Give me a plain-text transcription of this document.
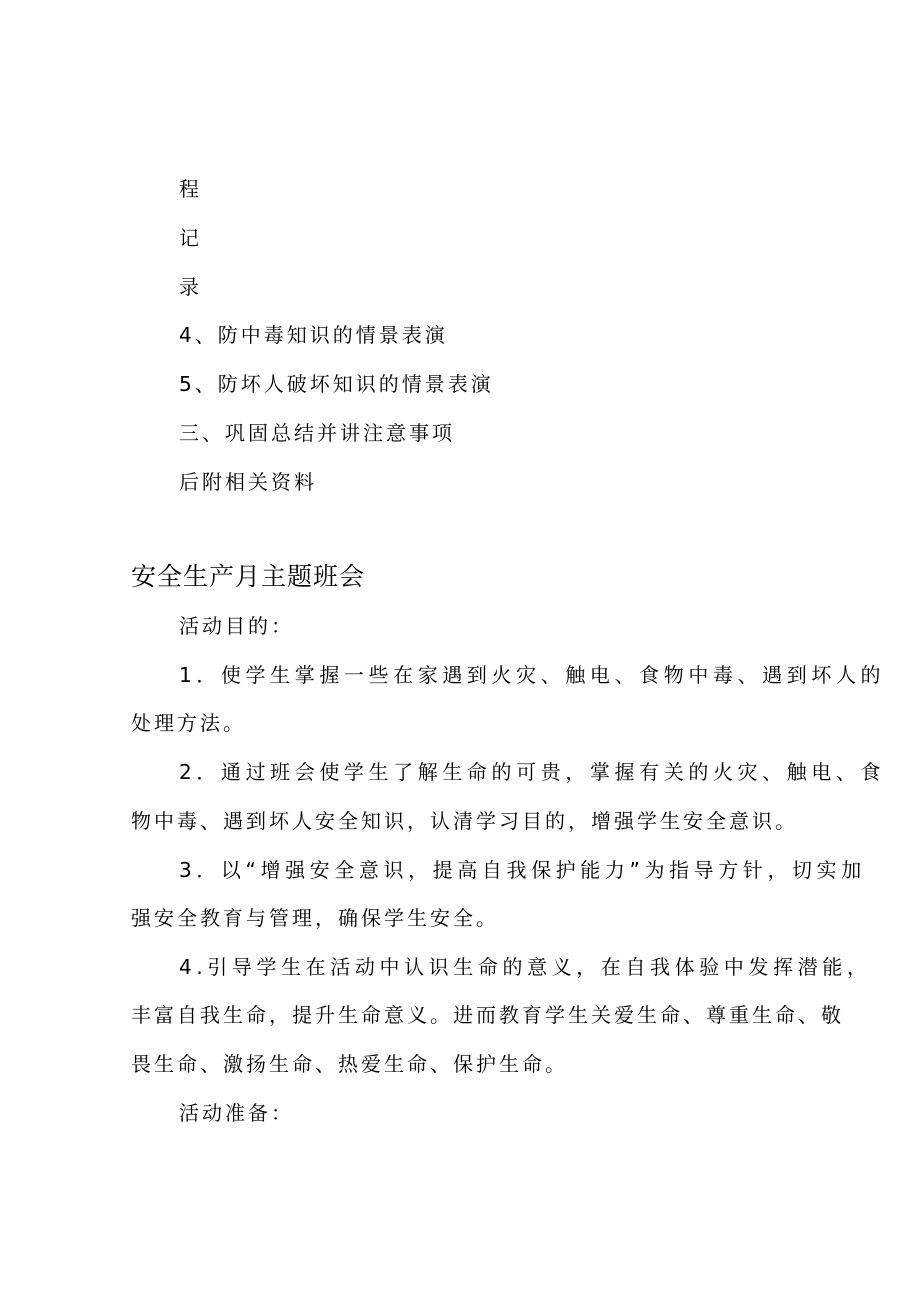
程
记
录
4、防中毒知识的情景表演
5、防坏人破坏知识的情景表演
三、巩固总结并讲注意事项
后附相关资料
安全生产月主题班会
活动目的：
1．使学生掌握一些在家遇到火灾、触电、食物中毒、遇到坏人的
处理方法。
2．通过班会使学生了解生命的可贵，掌握有关的火灾、触电、食
物中毒、遇到坏人安全知识，认清学习目的，增强学生安全意识。
3．以“增强安全意识，提高自我保护能力”为指导方针，切实加
强安全教育与管理，确保学生安全。
4.引导学生在活动中认识生命的意义，在自我体验中发挥潜能，
丰富自我生命，提升生命意义。进而教育学生关爱生命、尊重生命、敬
畏生命、激扬生命、热爱生命、保护生命。
活动准备：
